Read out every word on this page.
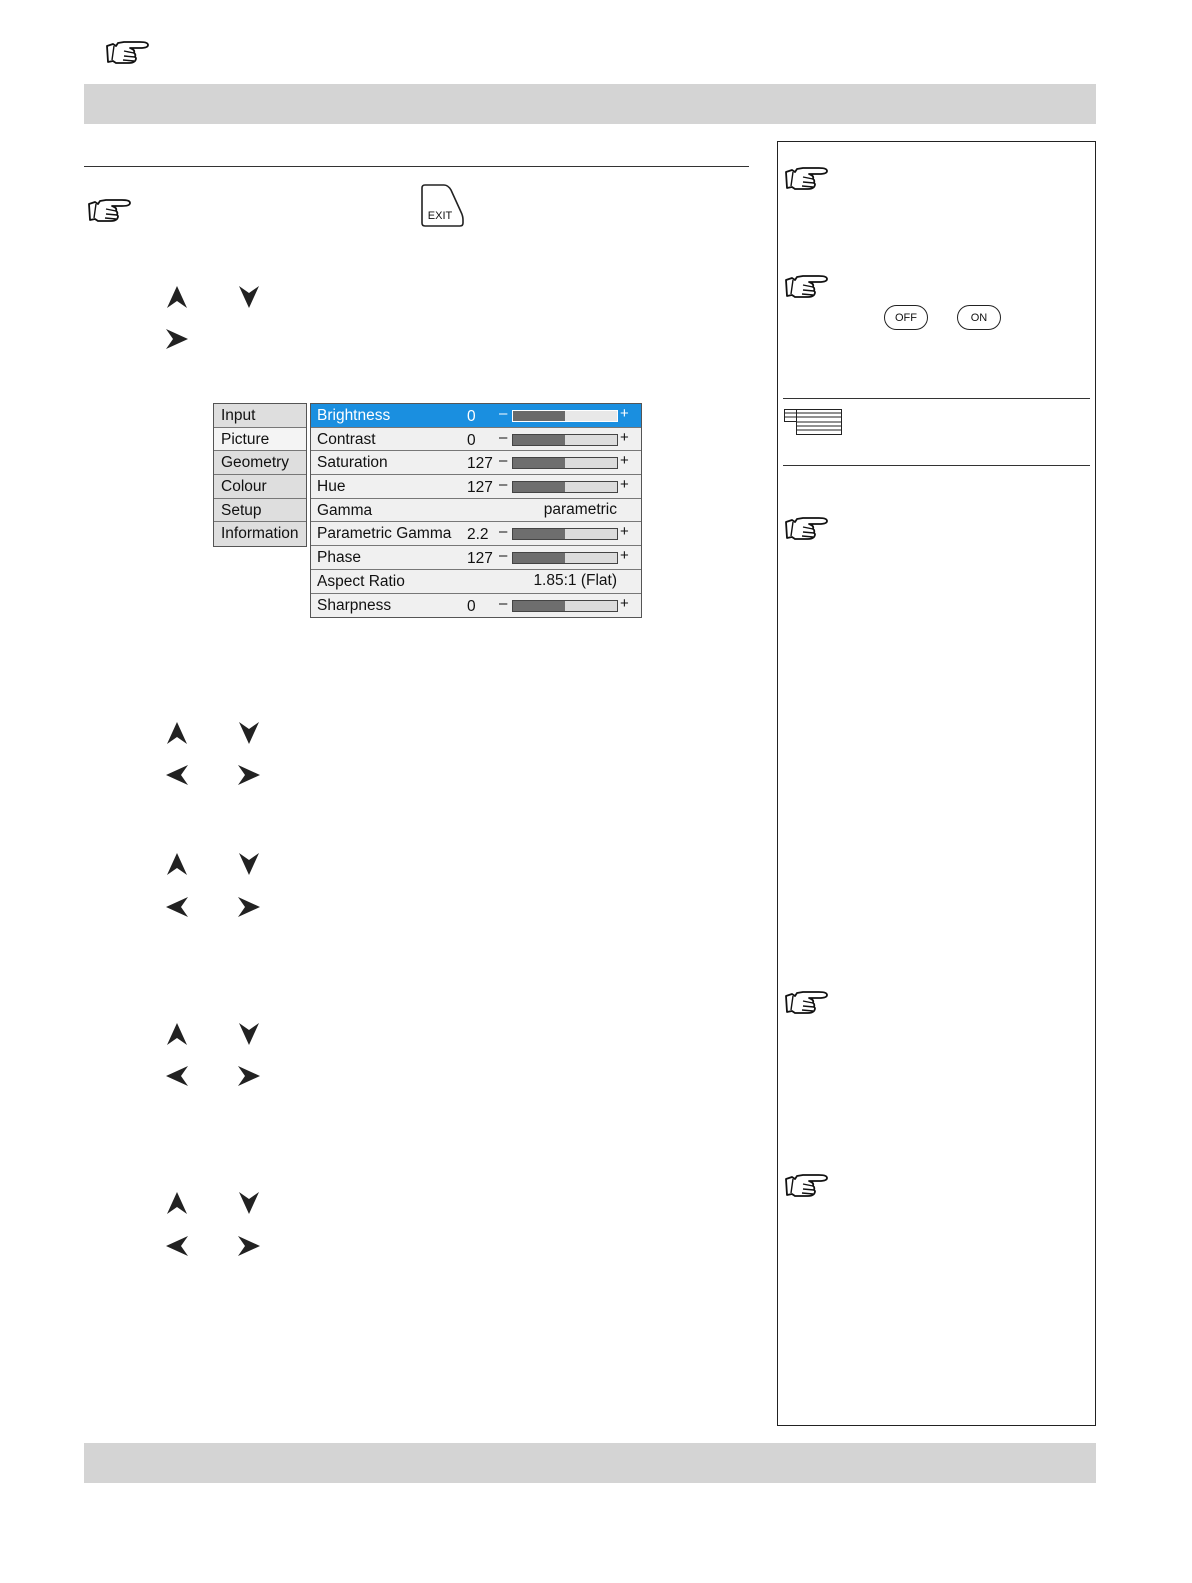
EXIT
Input
Picture
Geometry
Colour
Setup
Information
Brightness	0 –	+
Contrast	0 –	+
Saturation	127 –	+
Hue	127 –	+
Gamma	parametric
Parametric Gamma 2.2 –	+
Phase	127 –	+
Aspect Ratio	1.85:1 (Flat)
Sharpness	0 –	+
OFF	ON
